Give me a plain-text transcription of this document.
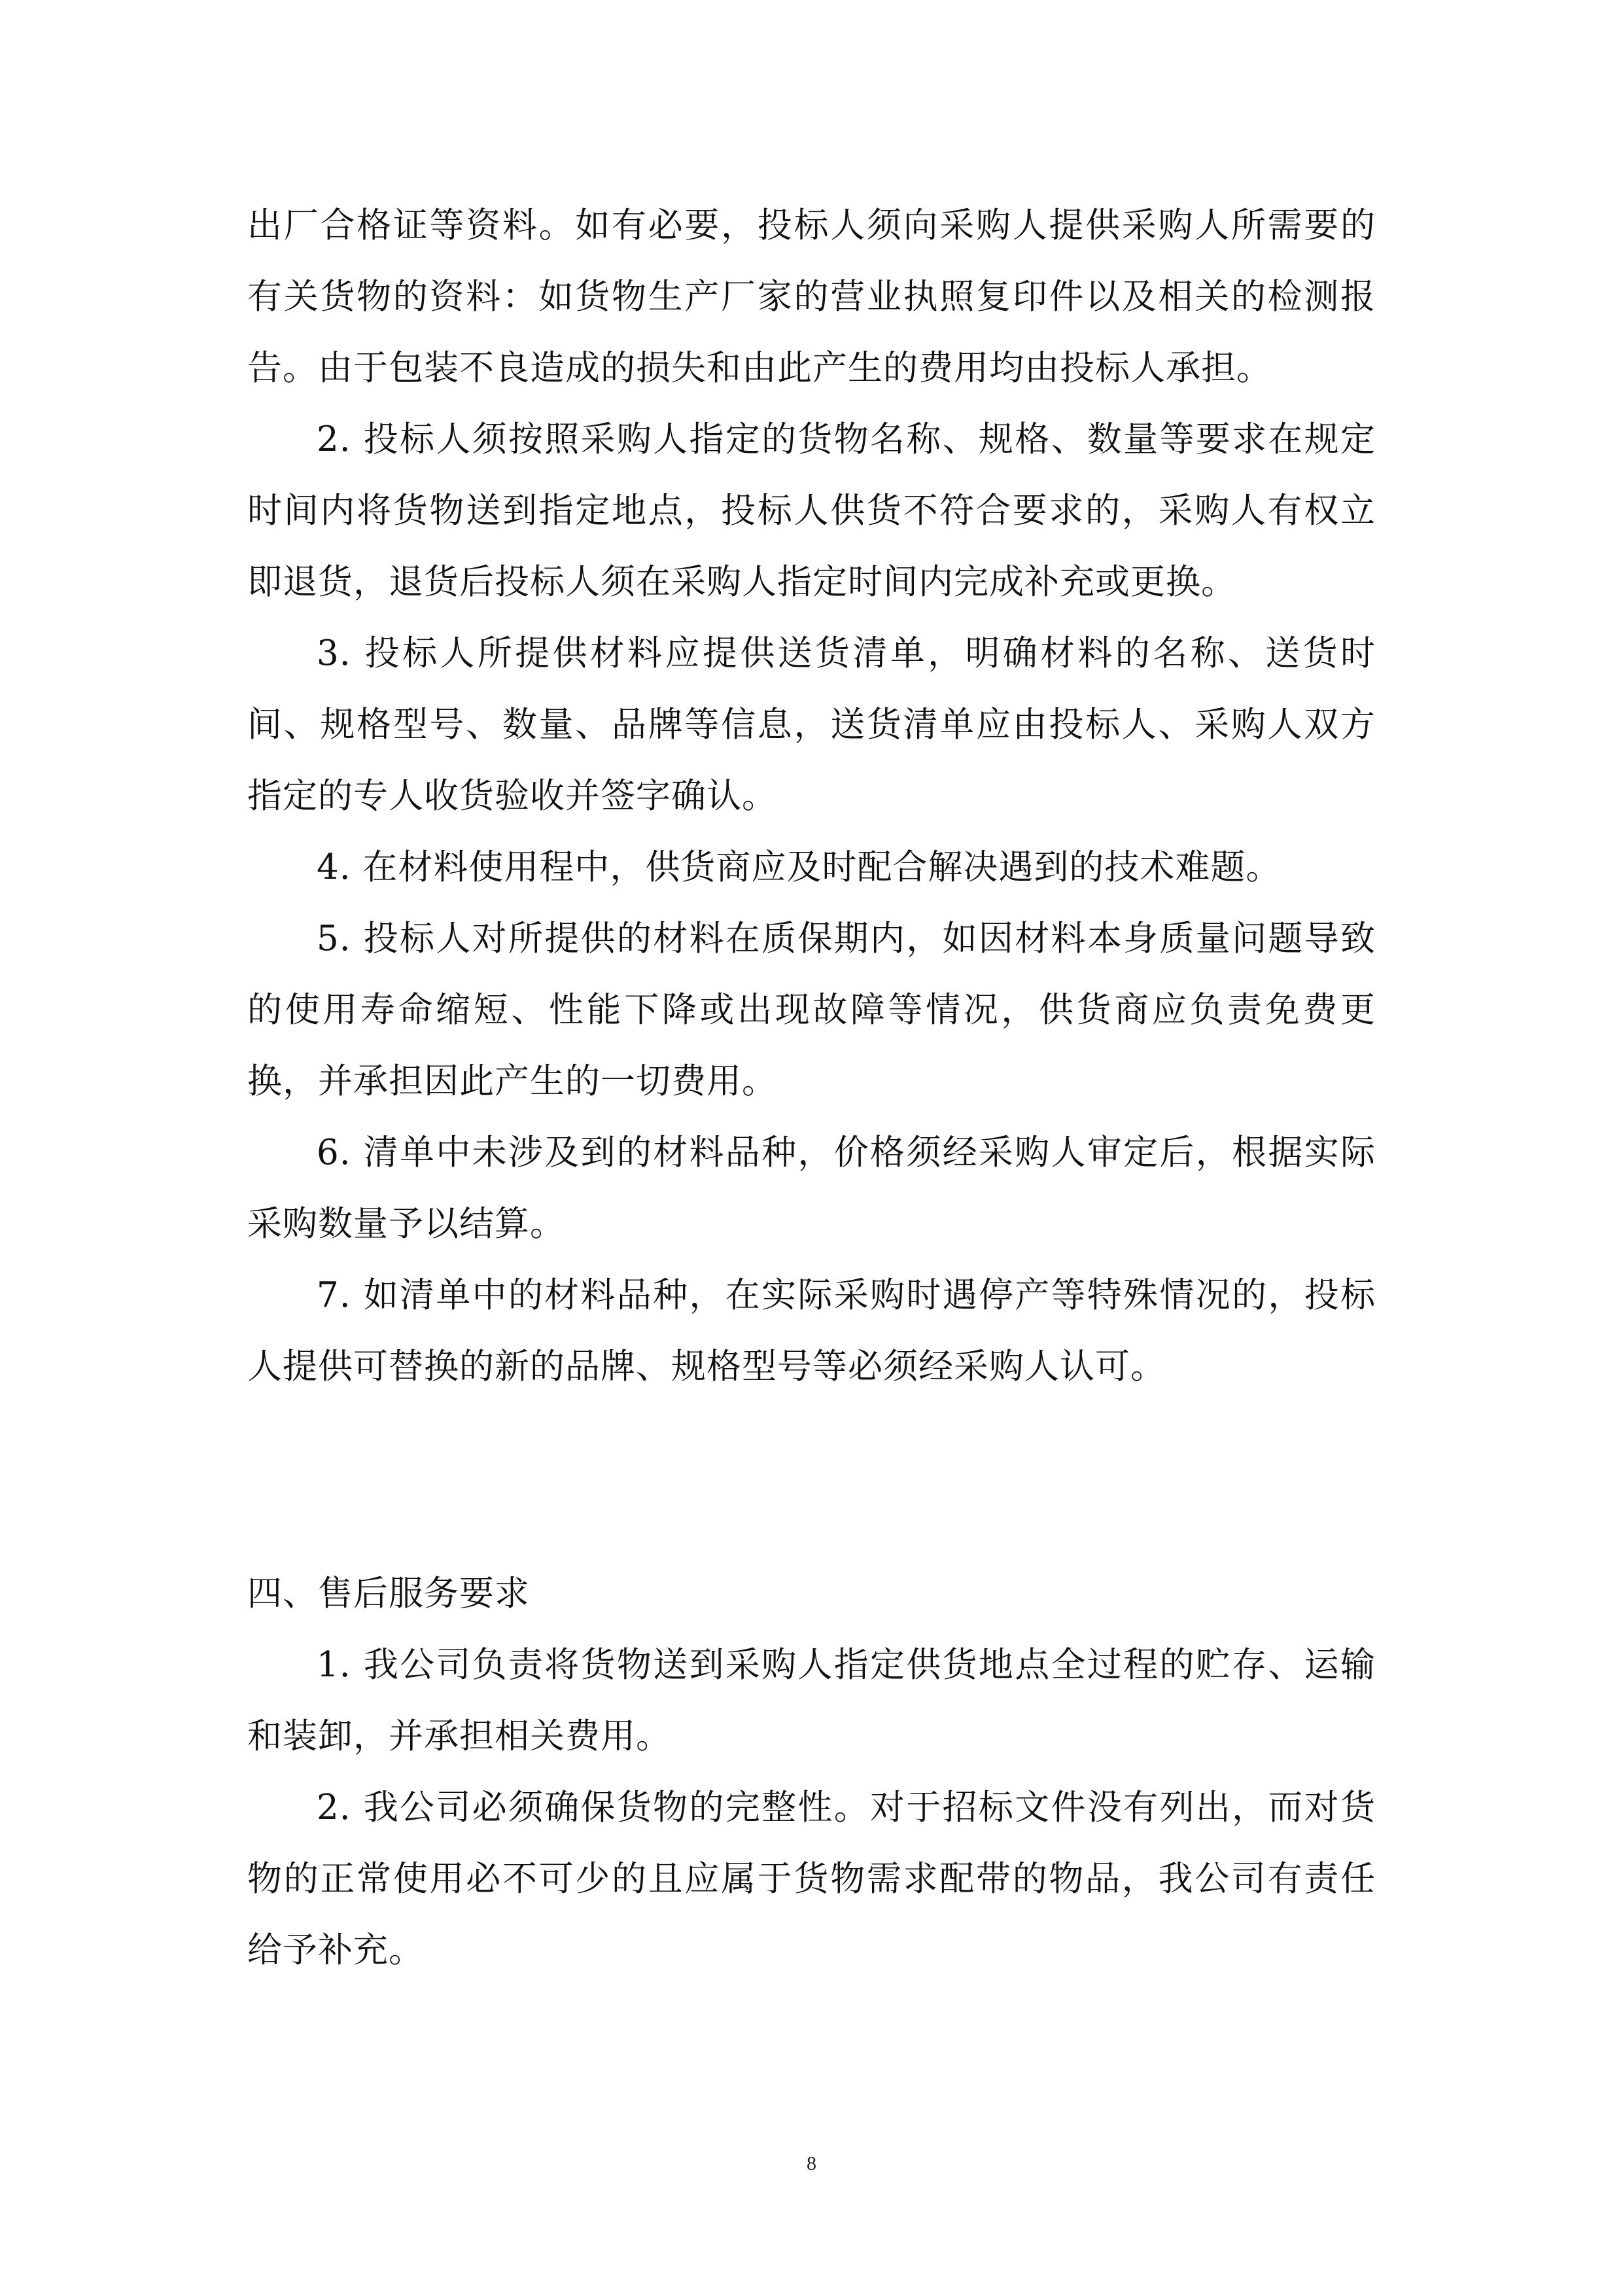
出厂合格证等资料。如有必要，投标人须向采购人提供采购人所需要的有关货物的资料：如货物生产厂家的营业执照复印件以及相关的检测报告。由于包装不良造成的损失和由此产生的费用均由投标人承担。

2. 投标人须按照采购人指定的货物名称、规格、数量等要求在规定时间内将货物送到指定地点，投标人供货不符合要求的，采购人有权立即退货，退货后投标人须在采购人指定时间内完成补充或更换。

3. 投标人所提供材料应提供送货清单，明确材料的名称、送货时间、规格型号、数量、品牌等信息，送货清单应由投标人、采购人双方指定的专人收货验收并签字确认。

4. 在材料使用程中，供货商应及时配合解决遇到的技术难题。

5. 投标人对所提供的材料在质保期内，如因材料本身质量问题导致的使用寿命缩短、性能下降或出现故障等情况，供货商应负责免费更换，并承担因此产生的一切费用。

6. 清单中未涉及到的材料品种，价格须经采购人审定后，根据实际采购数量予以结算。

7. 如清单中的材料品种，在实际采购时遇停产等特殊情况的，投标人提供可替换的新的品牌、规格型号等必须经采购人认可。

四、售后服务要求

1. 我公司负责将货物送到采购人指定供货地点全过程的贮存、运输和装卸，并承担相关费用。

2. 我公司必须确保货物的完整性。对于招标文件没有列出，而对货物的正常使用必不可少的且应属于货物需求配带的物品，我公司有责任给予补充。

8
